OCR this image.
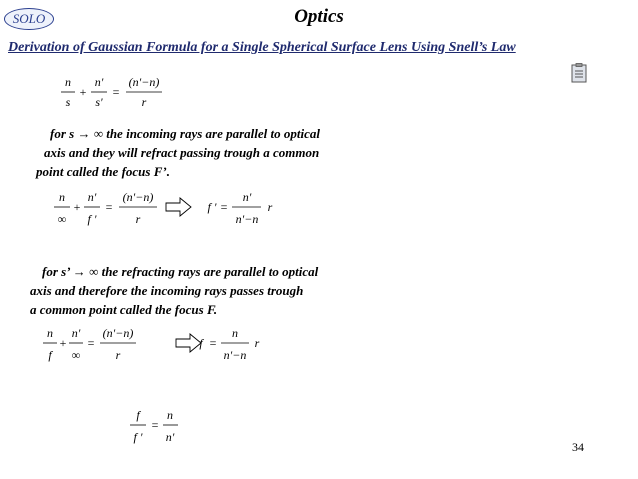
SOLO	Optics
Derivation of Gaussian Formula for a Single Spherical Surface Lens Using Snell’s Law
n
s
+
n'
s'
=
(n'−n)
r
for s → ∞ the incoming rays are parallel to optical
axis and they will refract passing trough a common
point called the focus F’.
n
∞
+
n'
f '
=
(n'−n)
r
f ' =
n'
n'−n
r
for s’ → ∞ the refracting rays are parallel to optical
axis and therefore the incoming rays passes trough
a common point called the focus F.
n
f
+
n'
∞
=
(n'−n)
r
f =
n
n'−n
r
f
f '
=
n
n'
34
